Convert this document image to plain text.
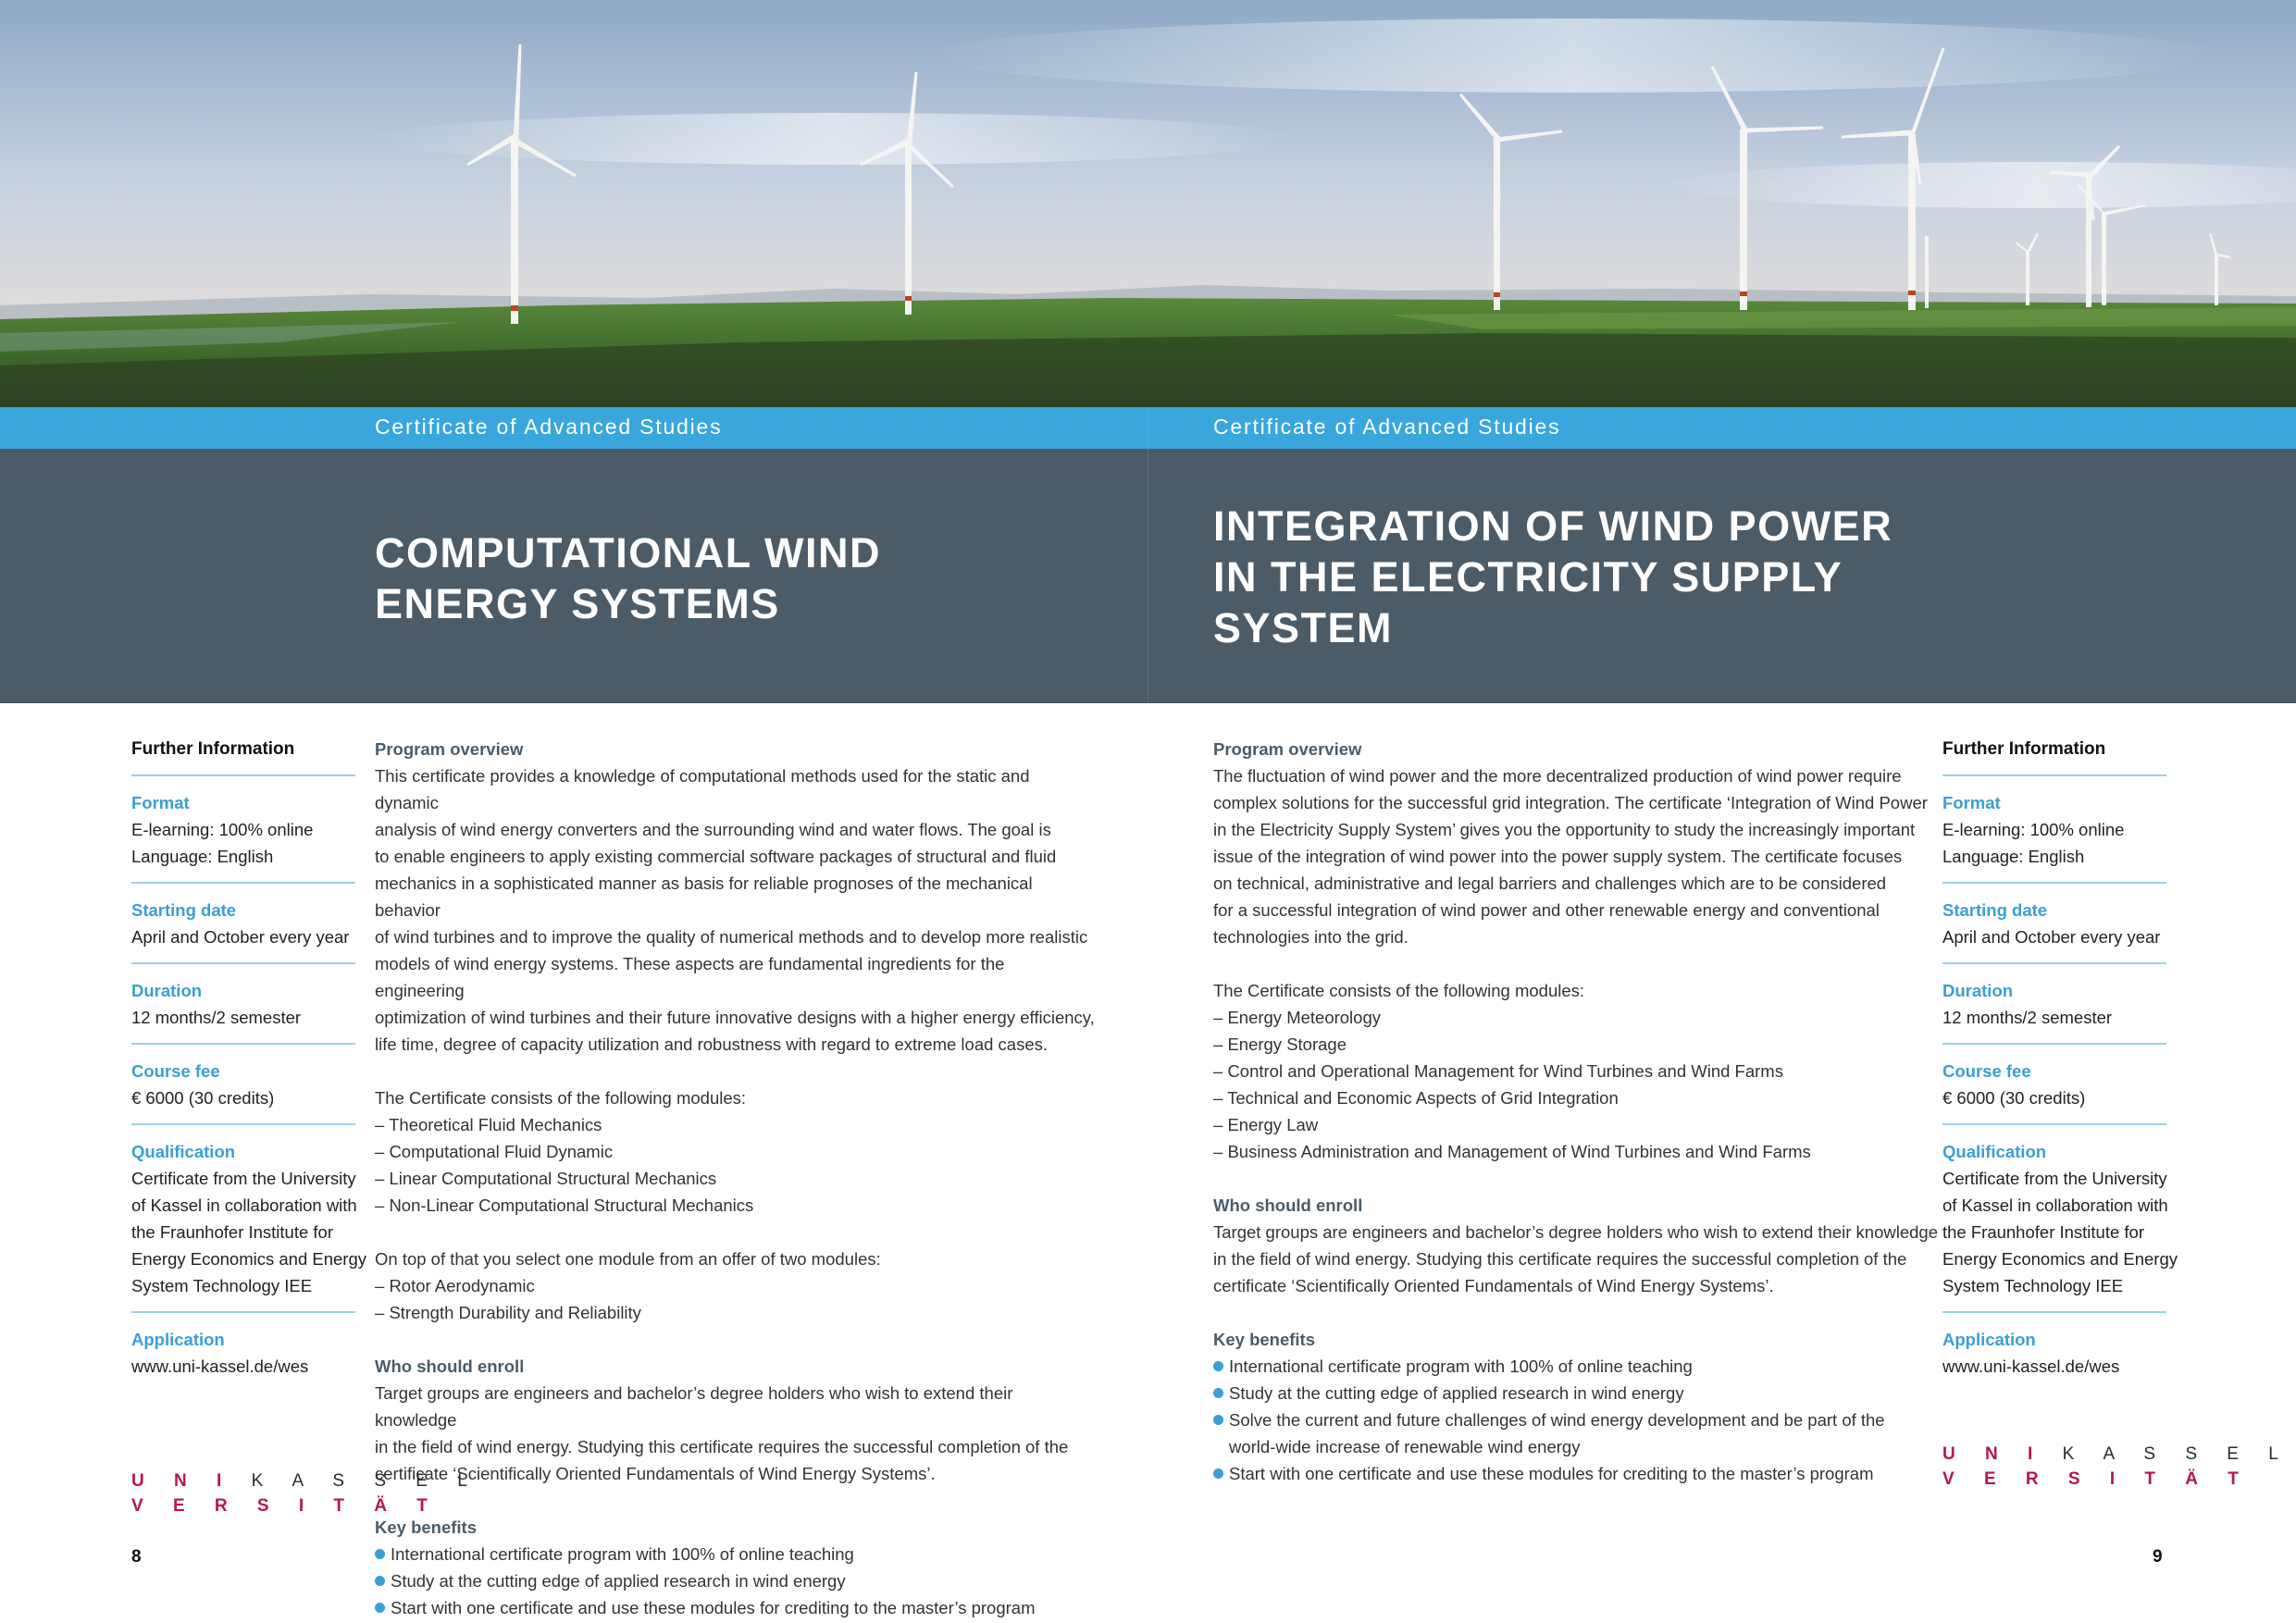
Certificate of Advanced Studies	Certificate of Advanced Studies
COMPUTATIONAL WIND
ENERGY SYSTEMS
INTEGRATION OF WIND POWER
IN THE ELECTRICITY SUPPLY
SYSTEM
Further Information
Format
E-learning: 100% online
Language: English
Starting date
April and October every year
Duration
12 months/2 semester
Course fee
€ 6000 (30 credits)
Qualification
Certificate from the University
of Kassel in collaboration with
the Fraunhofer Institute for
Energy Economics and Energy
System Technology IEE
Application
www.uni-kassel.de/wes
Program overview
This certificate provides a knowledge of computational methods used for the static and dynamic
analysis of wind energy converters and the surrounding wind and water flows. The goal is
to enable engineers to apply existing commercial software packages of structural and fluid
mechanics in a sophisticated manner as basis for reliable prognoses of the mechanical behavior
of wind turbines and to improve the quality of numerical methods and to develop more realistic
models of wind energy systems. These aspects are fundamental ingredients for the engineering
optimization of wind turbines and their future innovative designs with a higher energy efficiency,
life time, degree of capacity utilization and robustness with regard to extreme load cases.
The Certificate consists of the following modules:
– Theoretical Fluid Mechanics
– Computational Fluid Dynamic
– Linear Computational Structural Mechanics
– Non-Linear Computational Structural Mechanics
On top of that you select one module from an offer of two modules:
– Rotor Aerodynamic
– Strength Durability and Reliability
Who should enroll
Target groups are engineers and bachelor’s degree holders who wish to extend their knowledge
in the field of wind energy. Studying this certificate requires the successful completion of the
certificate ‘Scientifically Oriented Fundamentals of Wind Energy Systems’.
Key benefits
International certificate program with 100% of online teaching
Study at the cutting edge of applied research in wind energy
Start with one certificate and use these modules for crediting to the master’s program
Program overview
The fluctuation of wind power and the more decentralized production of wind power require
complex solutions for the successful grid integration. The certificate ‘Integration of Wind Power
in the Electricity Supply System’ gives you the opportunity to study the increasingly important
issue of the integration of wind power into the power supply system. The certificate focuses
on technical, administrative and legal barriers and challenges which are to be considered
for a successful integration of wind power and other renewable energy and conventional
technologies into the grid.
The Certificate consists of the following modules:
– Energy Meteorology
– Energy Storage
– Control and Operational Management for Wind Turbines and Wind Farms
– Technical and Economic Aspects of Grid Integration
– Energy Law
– Business Administration and Management of Wind Turbines and Wind Farms
Who should enroll
Target groups are engineers and bachelor’s degree holders who wish to extend their knowledge
in the field of wind energy. Studying this certificate requires the successful completion of the
certificate ‘Scientifically Oriented Fundamentals of Wind Energy Systems’.
Key benefits
International certificate program with 100% of online teaching
Study at the cutting edge of applied research in wind energy
Solve the current and future challenges of wind energy development and be part of the
world-wide increase of renewable wind energy
Start with one certificate and use these modules for crediting to the master’s program
Further Information
Format
E-learning: 100% online
Language: English
Starting date
April and October every year
Duration
12 months/2 semester
Course fee
€ 6000 (30 credits)
Qualification
Certificate from the University
of Kassel in collaboration with
the Fraunhofer Institute for
Energy Economics and Energy
System Technology IEE
Application
www.uni-kassel.de/wes
U N I K A S S E L
V E R S I T Ä T
U N I K A S S E L
V E R S I T Ä T
8	9
